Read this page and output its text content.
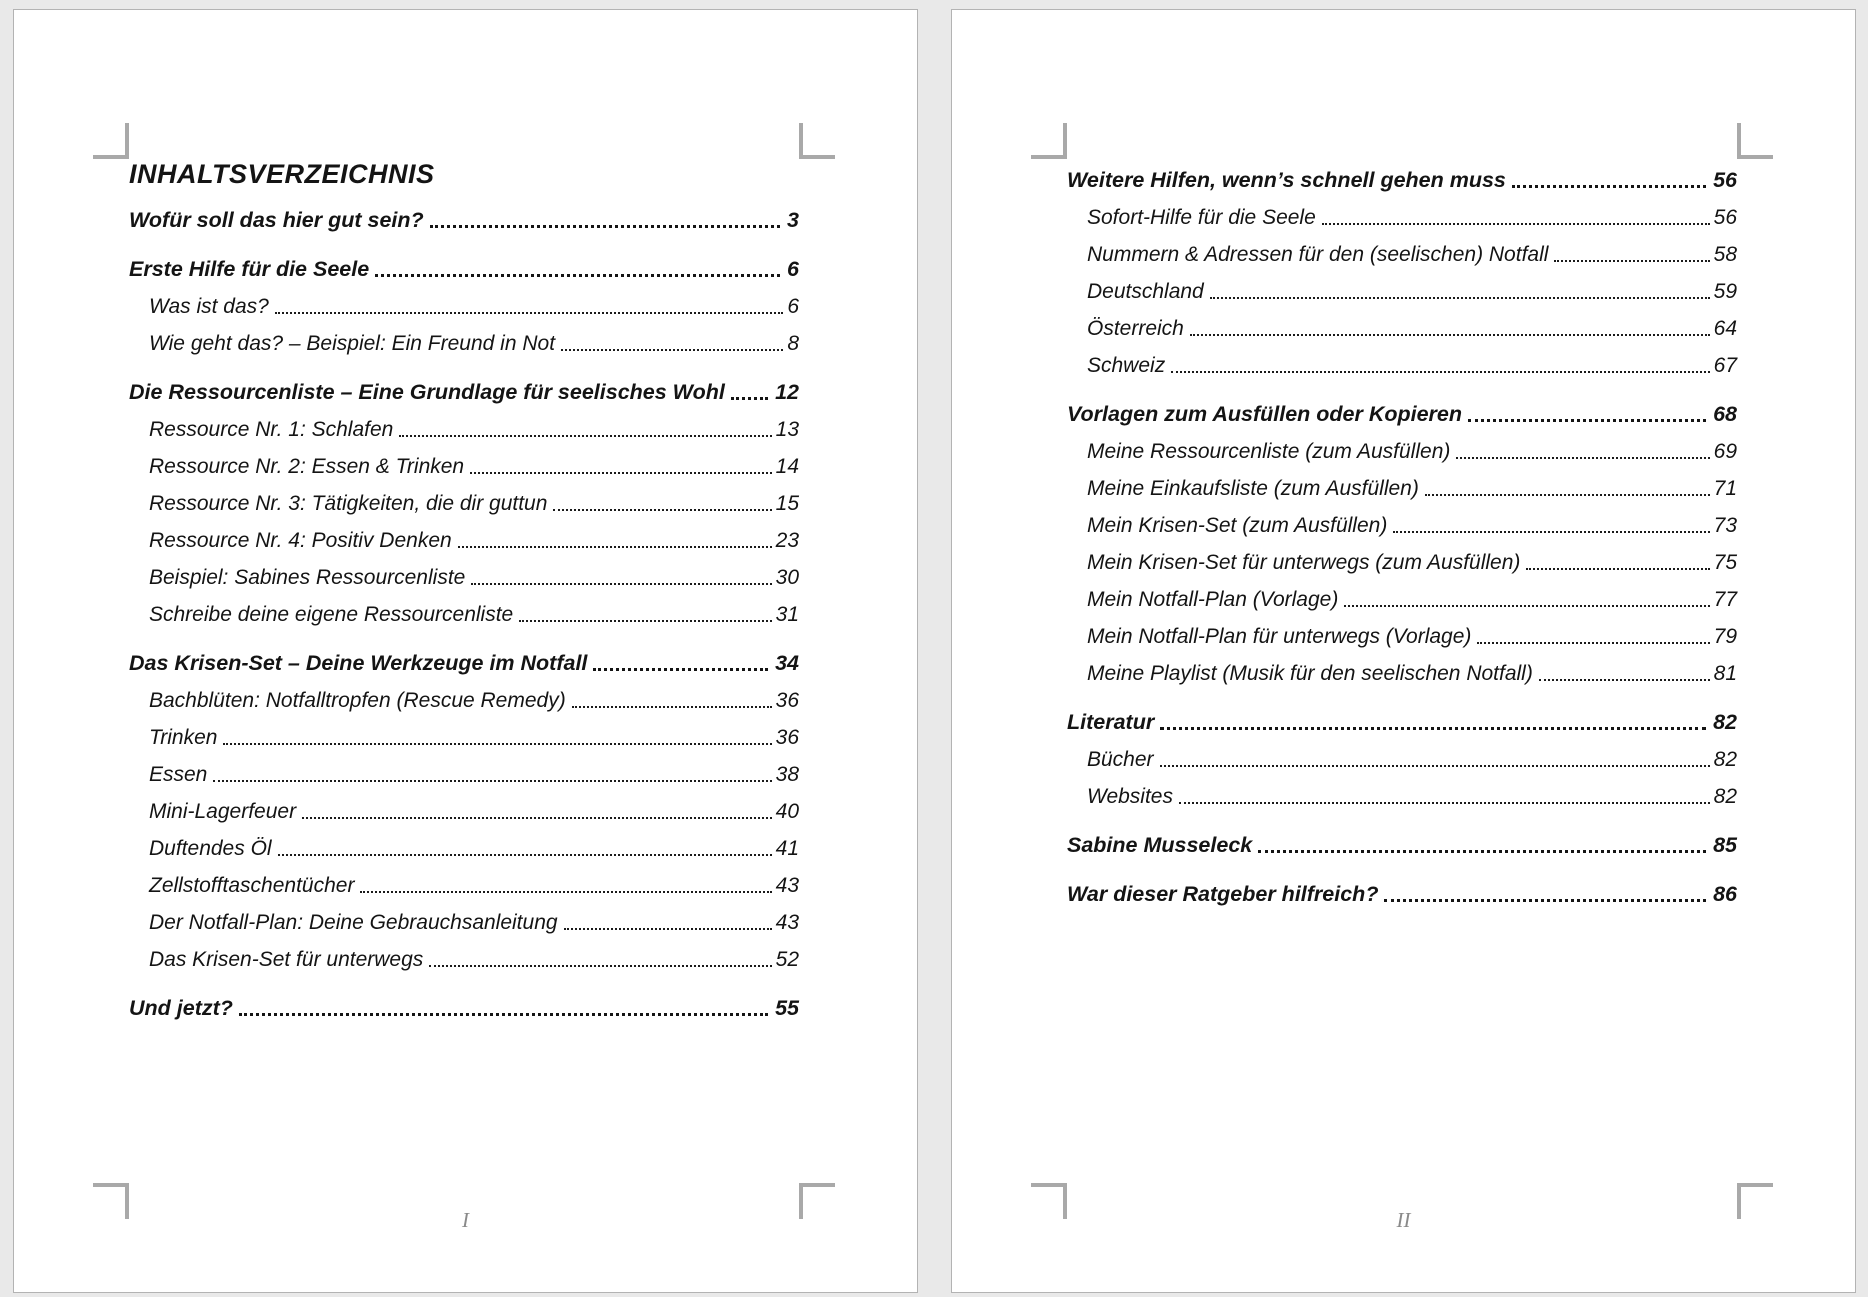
INHALTSVERZEICHNIS
Wofür soll das hier gut sein?	3
Erste Hilfe für die Seele	6
Was ist das?	6
Wie geht das? – Beispiel: Ein Freund in Not	8
Die Ressourcenliste – Eine Grundlage für seelisches Wohl 12
Ressource Nr. 1: Schlafen	13
Ressource Nr. 2: Essen & Trinken	14
Ressource Nr. 3: Tätigkeiten, die dir guttun	15
Ressource Nr. 4: Positiv Denken	23
Beispiel: Sabines Ressourcenliste	30
Schreibe deine eigene Ressourcenliste	31
Das Krisen-Set – Deine Werkzeuge im Notfall	34
Bachblüten: Notfalltropfen (Rescue Remedy)	36
Trinken	36
Essen	38
Mini-Lagerfeuer	40
Duftendes Öl	41
Zellstofftaschentücher	43
Der Notfall-Plan: Deine Gebrauchsanleitung	43
Das Krisen-Set für unterwegs	52
Und jetzt?	55
I
Weitere Hilfen, wenn’s schnell gehen muss	56
Sofort-Hilfe für die Seele	56
Nummern & Adressen für den (seelischen) Notfall	58
Deutschland	59
Österreich	64
Schweiz	67
Vorlagen zum Ausfüllen oder Kopieren	68
Meine Ressourcenliste (zum Ausfüllen)	69
Meine Einkaufsliste (zum Ausfüllen)	71
Mein Krisen-Set (zum Ausfüllen)	73
Mein Krisen-Set für unterwegs (zum Ausfüllen)	75
Mein Notfall-Plan (Vorlage)	77
Mein Notfall-Plan für unterwegs (Vorlage)	79
Meine Playlist (Musik für den seelischen Notfall)	81
Literatur	82
Bücher	82
Websites	82
Sabine Musseleck	85
War dieser Ratgeber hilfreich?	86
II
